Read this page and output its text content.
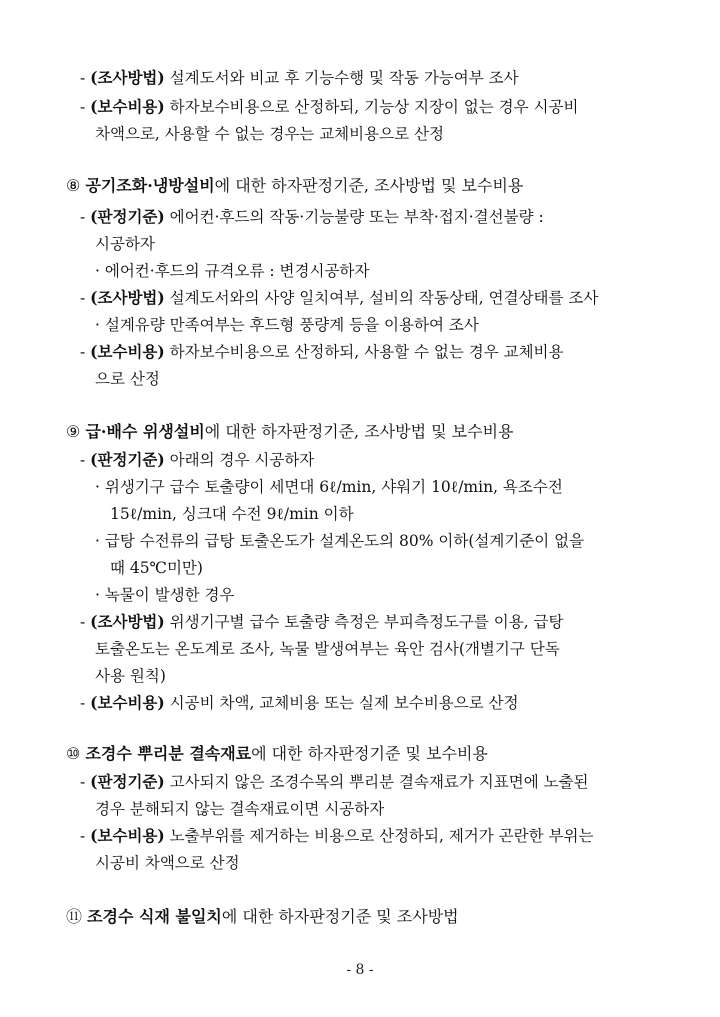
- (조사방법) 설계도서와 비교 후 기능수행 및 작동 가능여부 조사
- (보수비용) 하자보수비용으로 산정하되, 기능상 지장이 없는 경우 시공비
차액으로, 사용할 수 없는 경우는 교체비용으로 산정
⑧ 공기조화·냉방설비에 대한 하자판정기준, 조사방법 및 보수비용
- (판정기준) 에어컨·후드의 작동·기능불량 또는 부착·접지·결선불량 :
시공하자
· 에어컨·후드의 규격오류 : 변경시공하자
- (조사방법) 설계도서와의 사양 일치여부, 설비의 작동상태, 연결상태를 조사
· 설계유량 만족여부는 후드형 풍량계 등을 이용하여 조사
- (보수비용) 하자보수비용으로 산정하되, 사용할 수 없는 경우 교체비용
으로 산정
⑨ 급·배수 위생설비에 대한 하자판정기준, 조사방법 및 보수비용
- (판정기준) 아래의 경우 시공하자
· 위생기구 급수 토출량이 세면대 6ℓ/min, 샤워기 10ℓ/min, 욕조수전
15ℓ/min, 싱크대 수전 9ℓ/min 이하
· 급탕 수전류의 급탕 토출온도가 설계온도의 80% 이하(설계기준이 없을
때 45℃미만)
· 녹물이 발생한 경우
- (조사방법) 위생기구별 급수 토출량 측정은 부피측정도구를 이용, 급탕
토출온도는 온도계로 조사, 녹물 발생여부는 육안 검사(개별기구 단독
사용 원칙)
- (보수비용) 시공비 차액, 교체비용 또는 실제 보수비용으로 산정
⑩ 조경수 뿌리분 결속재료에 대한 하자판정기준 및 보수비용
- (판정기준) 고사되지 않은 조경수목의 뿌리분 결속재료가 지표면에 노출된
경우 분해되지 않는 결속재료이면 시공하자
- (보수비용) 노출부위를 제거하는 비용으로 산정하되, 제거가 곤란한 부위는
시공비 차액으로 산정
⑪ 조경수 식재 불일치에 대한 하자판정기준 및 조사방법
- 8 -
